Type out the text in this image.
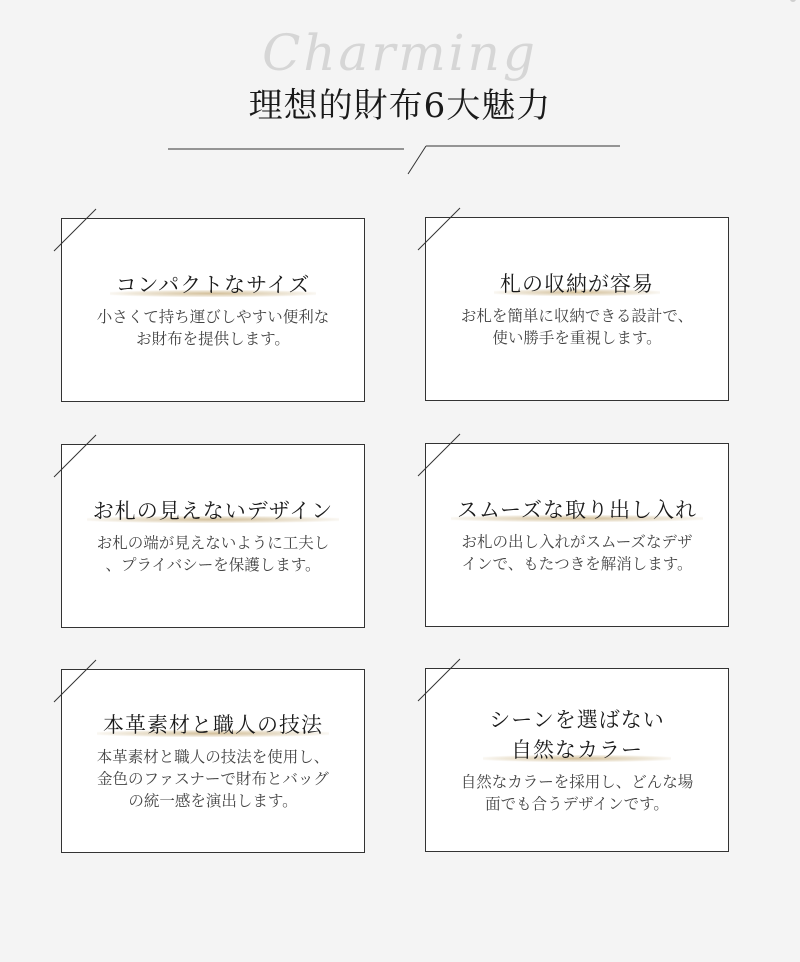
Charming
理想的財布6大魅力
コンパクトなサイズ
小さくて持ち運びしやすい便利な
お財布を提供します。
札の収納が容易
お札を簡単に収納できる設計で、
使い勝手を重視します。
お札の見えないデザイン
お札の端が見えないように工夫し
、プライバシーを保護します。
スムーズな取り出し入れ
お札の出し入れがスムーズなデザ
インで、もたつきを解消します。
本革素材と職人の技法
本革素材と職人の技法を使用し、
金色のファスナーで財布とバッグ
の統一感を演出します。
シーンを選ばない
自然なカラー
自然なカラーを採用し、どんな場
面でも合うデザインです。
